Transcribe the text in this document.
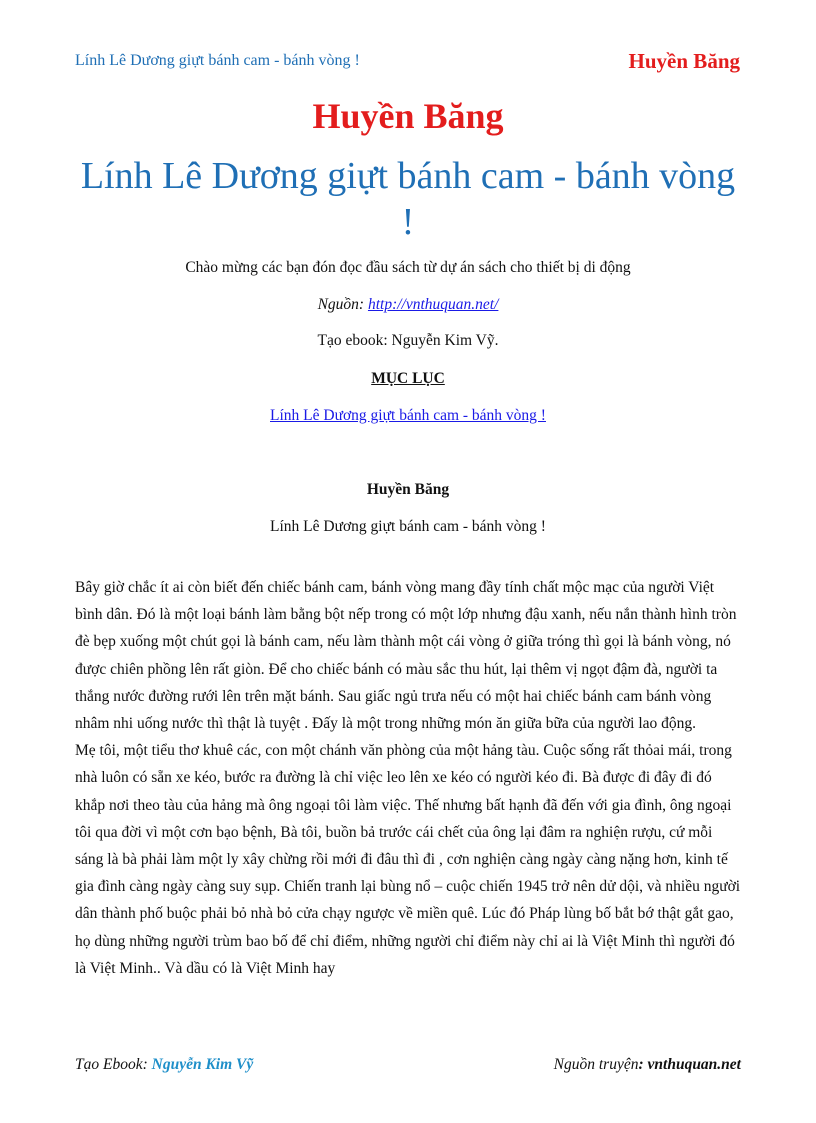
Lính Lê Dương giựt bánh cam - bánh vòng !	Huyền Băng
Huyền Băng
Lính Lê Dương giựt bánh cam - bánh vòng !
Chào mừng các bạn đón đọc đầu sách từ dự án sách cho thiết bị di động
Nguồn: http://vnthuquan.net/
Tạo ebook: Nguyễn Kim Vỹ.
MỤC LỤC
Lính Lê Dương giựt bánh cam - bánh vòng !
Huyền Băng
Lính Lê Dương giựt bánh cam - bánh vòng !

Bây giờ chắc ít ai còn biết đến chiếc bánh cam, bánh vòng mang đầy tính chất mộc mạc của người Việt bình dân. Đó là một loại bánh làm bằng bột nếp trong có một lớp nhưng đậu xanh, nếu nắn thành hình tròn đè bẹp xuống một chút gọi là bánh cam, nếu làm thành một cái vòng ở giữa tróng thì gọi là bánh vòng, nó được chiên phồng lên rất giòn. Để cho chiếc bánh có màu sắc thu hút, lại thêm vị ngọt đậm đà, người ta thắng nước đường rưới lên trên mặt bánh. Sau giấc ngủ trưa nếu có một hai chiếc bánh cam bánh vòng nhâm nhi uống nước thì thật là tuyệt . Đấy là một trong những món ăn giữa bữa của người lao động.

Mẹ tôi, một tiểu thơ khuê các, con một chánh văn phòng của một hảng tàu. Cuộc sống rất thỏai mái, trong nhà luôn có sẵn xe kéo, bước ra đường là chỉ việc leo lên xe kéo có người kéo đi. Bà được đi đây đi đó khắp nơi theo tàu của hảng mà ông ngoại tôi làm việc. Thế nhưng bất hạnh đã đến với gia đình, ông ngoại tôi qua đời vì một cơn bạo bệnh, Bà tôi, buồn bả trước cái chết của ông lại đâm ra nghiện rượu, cứ mỗi sáng là bà phải làm một ly xây chừng rồi mới đi đâu thì đi , cơn nghiện càng ngày càng nặng hơn, kinh tế gia đình càng ngày càng suy sụp. Chiến tranh lại bùng nổ – cuộc chiến 1945 trở nên dử dội, và nhiều người dân thành phố buộc phải bỏ nhà bỏ cửa chạy ngược về miền quê. Lúc đó Pháp lùng bố bắt bớ thật gắt gao, họ dùng những người trùm bao bố để chỉ điểm, những người chỉ điểm này chỉ ai là Việt Minh thì người đó là Việt Minh.. Và dầu có là Việt Minh hay

Tạo Ebook: Nguyễn Kim Vỹ	Nguồn truyện: vnthuquan.net
